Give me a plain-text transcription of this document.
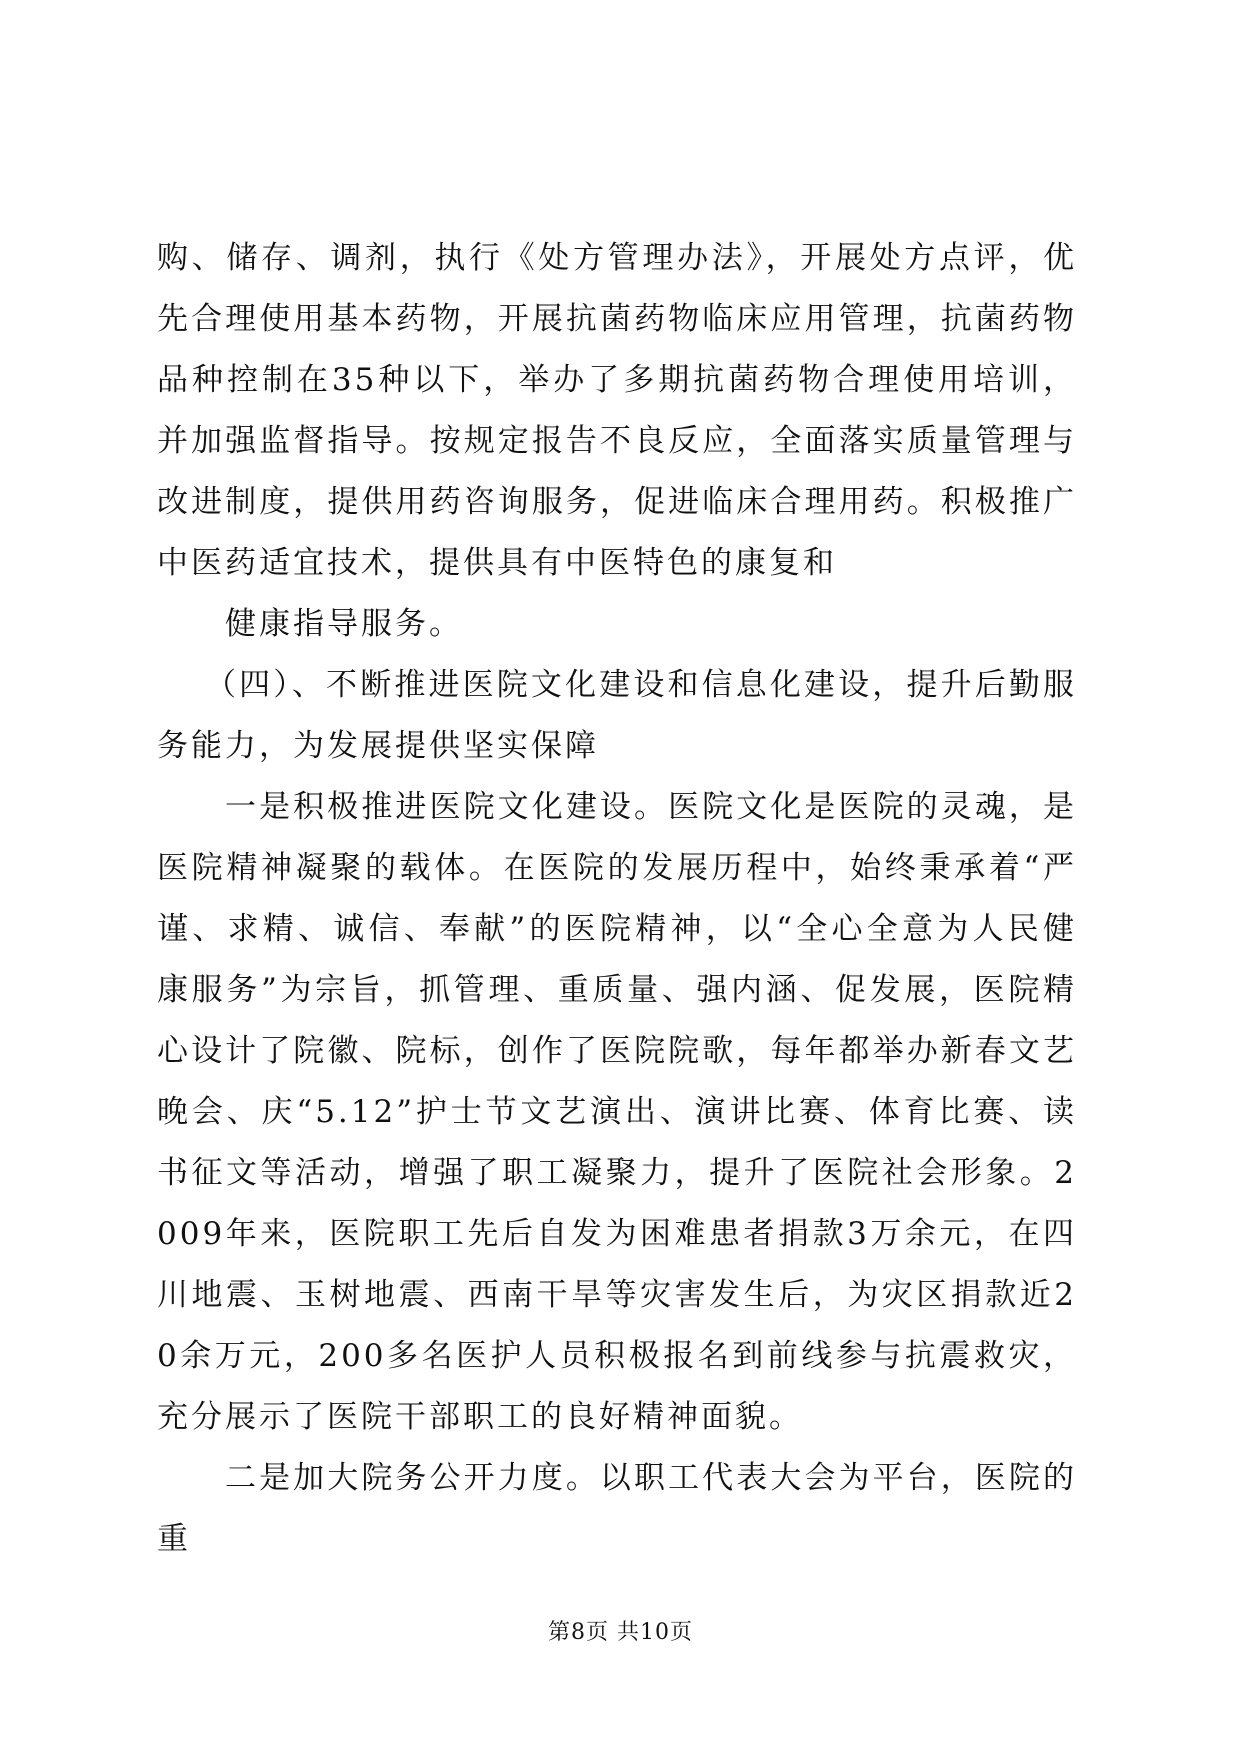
购、储存、调剂，执行《处方管理办法》，开展处方点评，优先合理使用基本药物，开展抗菌药物临床应用管理，抗菌药物品种控制在35种以下，举办了多期抗菌药物合理使用培训，并加强监督指导。按规定报告不良反应，全面落实质量管理与改进制度，提供用药咨询服务，促进临床合理用药。积极推广中医药适宜技术，提供具有中医特色的康复和

健康指导服务。

（四）、不断推进医院文化建设和信息化建设，提升后勤服务能力，为发展提供坚实保障

一是积极推进医院文化建设。医院文化是医院的灵魂，是医院精神凝聚的载体。在医院的发展历程中，始终秉承着“严谨、求精、诚信、奉献”的医院精神，以“全心全意为人民健康服务”为宗旨，抓管理、重质量、强内涵、促发展，医院精心设计了院徽、院标，创作了医院院歌，每年都举办新春文艺晚会、庆“5.12”护士节文艺演出、演讲比赛、体育比赛、读书征文等活动，增强了职工凝聚力，提升了医院社会形象。2009年来，医院职工先后自发为困难患者捐款3万余元，在四川地震、玉树地震、西南干旱等灾害发生后，为灾区捐款近20余万元，200多名医护人员积极报名到前线参与抗震救灾，充分展示了医院干部职工的良好精神面貌。

二是加大院务公开力度。以职工代表大会为平台，医院的重

第8页 共10页
